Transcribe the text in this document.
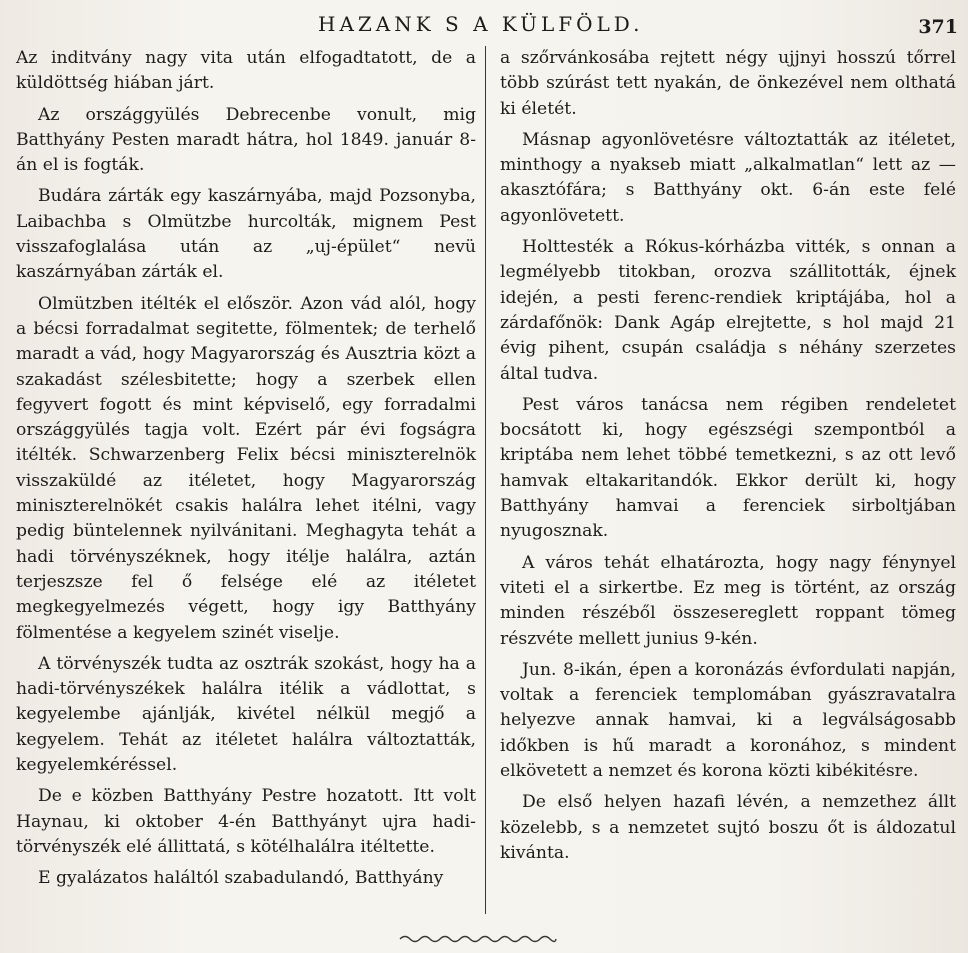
HAZANK S A KÜLFÖLD.	371

Az inditvány nagy vita után elfogadtatott, de a küldöttség hiában járt.

Az országgyülés Debrecenbe vonult, mig Batthyány Pesten maradt hátra, hol 1849. január 8-án el is fogták.

Budára zárták egy kaszárnyába, majd Pozsonyba, Laibachba s Olmützbe hurcolták, mignem Pest visszafoglalása után az „uj-épület“ nevü kaszárnyában zárták el.

Olmützben itélték el először. Azon vád alól, hogy a bécsi forradalmat segitette, fölmentek; de terhelő maradt a vád, hogy Magyarország és Ausztria közt a szakadást szélesbitette; hogy a szerbek ellen fegyvert fogott és mint képviselő, egy forradalmi országgyülés tagja volt. Ezért pár évi fogságra itélték. Schwarzenberg Felix bécsi miniszterelnök visszaküldé az itéletet, hogy Magyarország miniszterelnökét csakis halálra lehet itélni, vagy pedig büntelennek nyilvánitani. Meghagyta tehát a hadi törvényszéknek, hogy itélje halálra, aztán terjeszsze fel ő felsége elé az itéletet megkegyelmezés végett, hogy igy Batthyány fölmentése a kegyelem szinét viselje.

A törvényszék tudta az osztrák szokást, hogy ha a hadi-törvényszékek halálra itélik a vádlottat, s kegyelembe ajánlják, kivétel nélkül megjő a kegyelem. Tehát az itéletet halálra változtatták, kegyelemkéréssel.

De e közben Batthyány Pestre hozatott. Itt volt Haynau, ki oktober 4-én Batthyányt ujra hadi-törvényszék elé állittatá, s kötélhalálra itéltette.

E gyalázatos haláltól szabadulandó, Batthyány

a szőrvánkosába rejtett négy ujjnyi hosszú tőrrel több szúrást tett nyakán, de önkezével nem olthatá ki életét.

Másnap agyonlövetésre változtatták az itéletet, minthogy a nyakseb miatt „alkalmatlan“ lett az — akasztófára; s Batthyány okt. 6-án este felé agyonlövetett.

Holttesték a Rókus-kórházba vitték, s onnan a legmélyebb titokban, orozva szállitották, éjnek idején, a pesti ferenc-rendiek kriptájába, hol a zárdafőnök: Dank Agáp elrejtette, s hol majd 21 évig pihent, csupán családja s néhány szerzetes által tudva.

Pest város tanácsa nem régiben rendeletet bocsátott ki, hogy egészségi szempontból a kriptába nem lehet többé temetkezni, s az ott levő hamvak eltakaritandók. Ekkor derült ki, hogy Batthyány hamvai a ferenciek sirboltjában nyugosznak.

A város tehát elhatározta, hogy nagy fénynyel viteti el a sirkertbe. Ez meg is történt, az ország minden részéből összesereglett roppant tömeg részvéte mellett junius 9-kén.

Jun. 8-ikán, épen a koronázás évfordulati napján, voltak a ferenciek templomában gyászravatalra helyezve annak hamvai, ki a legválságosabb időkben is hű maradt a koronához, s mindent elkövetett a nemzet és korona közti kibékitésre.

De első helyen hazafi lévén, a nemzethez állt közelebb, s a nemzetet sujtó boszu őt is áldozatul kivánta.
